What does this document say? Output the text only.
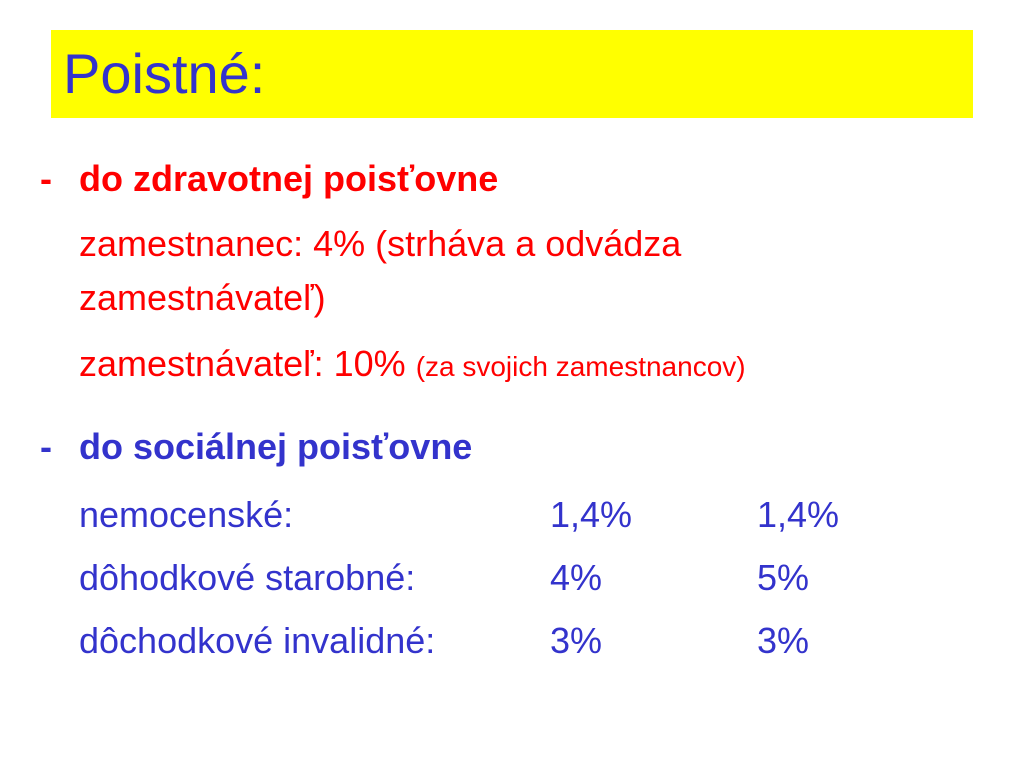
Poistné:
- do zdravotnej poisťovne
zamestnanec: 4% (strháva a odvádza
zamestnávateľ)
zamestnávateľ: 10% (za svojich zamestnancov)
- do sociálnej poisťovne
nemocenské:	1,4%	1,4%
dôhodkové starobné:	4%	5%
dôchodkové invalidné:	3%	3%
